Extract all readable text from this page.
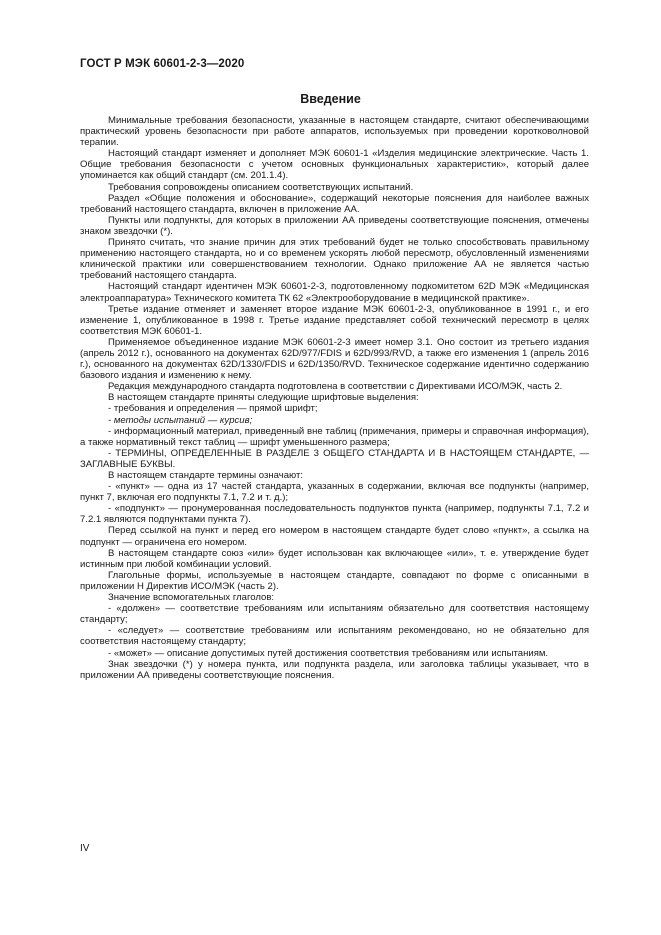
ГОСТ Р МЭК 60601-2-3—2020
Введение

Минимальные требования безопасности, указанные в настоящем стандарте, считают обеспечивающими практический уровень безопасности при работе аппаратов, используемых при проведении коротковолновой терапии.

Настоящий стандарт изменяет и дополняет МЭК 60601-1 «Изделия медицинские электрические. Часть 1. Общие требования безопасности с учетом основных функциональных характеристик», который далее упоминается как общий стандарт (см. 201.1.4).

Требования сопровождены описанием соответствующих испытаний.

Раздел «Общие положения и обоснование», содержащий некоторые пояснения для наиболее важных требований настоящего стандарта, включен в приложение АА.

Пункты или подпункты, для которых в приложении АА приведены соответствующие пояснения, отмечены знаком звездочки (*).

Принято считать, что знание причин для этих требований будет не только способствовать правильному применению настоящего стандарта, но и со временем ускорять любой пересмотр, обусловленный изменениями клинической практики или совершенствованием технологии. Однако приложение АА не является частью требований настоящего стандарта.

Настоящий стандарт идентичен МЭК 60601-2-3, подготовленному подкомитетом 62D МЭК «Медицинская электроаппаратура» Технического комитета ТК 62 «Электрооборудование в медицинской практике».

Третье издание отменяет и заменяет второе издание МЭК 60601-2-3, опубликованное в 1991 г., и его изменение 1, опубликованное в 1998 г. Третье издание представляет собой технический пересмотр в целях соответствия МЭК 60601-1.

Применяемое объединенное издание МЭК 60601-2-3 имеет номер 3.1. Оно состоит из третьего издания (апрель 2012 г.), основанного на документах 62D/977/FDIS и 62D/993/RVD, а также его изменения 1 (апрель 2016 г.), основанного на документах 62D/1330/FDIS и 62D/1350/RVD. Техническое содержание идентично содержанию базового издания и изменению к нему.

Редакция международного стандарта подготовлена в соответствии с Директивами ИСО/МЭК, часть 2.

В настоящем стандарте приняты следующие шрифтовые выделения:

- требования и определения — прямой шрифт;

- методы испытаний — курсив;

- информационный материал, приведенный вне таблиц (примечания, примеры и справочная информация), а также нормативный текст таблиц — шрифт уменьшенного размера;

- ТЕРМИНЫ, ОПРЕДЕЛЕННЫЕ В РАЗДЕЛЕ 3 ОБЩЕГО СТАНДАРТА И В НАСТОЯЩЕМ СТАНДАРТЕ, — ЗАГЛАВНЫЕ БУКВЫ.

В настоящем стандарте термины означают:

- «пункт» — одна из 17 частей стандарта, указанных в содержании, включая все подпункты (например, пункт 7, включая его подпункты 7.1, 7.2 и т. д.);

- «подпункт» — пронумерованная последовательность подпунктов пункта (например, подпункты 7.1, 7.2 и 7.2.1 являются подпунктами пункта 7).

Перед ссылкой на пункт и перед его номером в настоящем стандарте будет слово «пункт», а ссылка на подпункт — ограничена его номером.

В настоящем стандарте союз «или» будет использован как включающее «или», т. е. утверждение будет истинным при любой комбинации условий.

Глагольные формы, используемые в настоящем стандарте, совпадают по форме с описанными в приложении Н Директив ИСО/МЭК (часть 2).

Значение вспомогательных глаголов:

- «должен» — соответствие требованиям или испытаниям обязательно для соответствия настоящему стандарту;

- «следует» — соответствие требованиям или испытаниям рекомендовано, но не обязательно для соответствия настоящему стандарту;

- «может» — описание допустимых путей достижения соответствия требованиям или испытаниям.

Знак звездочки (*) у номера пункта, или подпункта раздела, или заголовка таблицы указывает, что в приложении АА приведены соответствующие пояснения.

IV
